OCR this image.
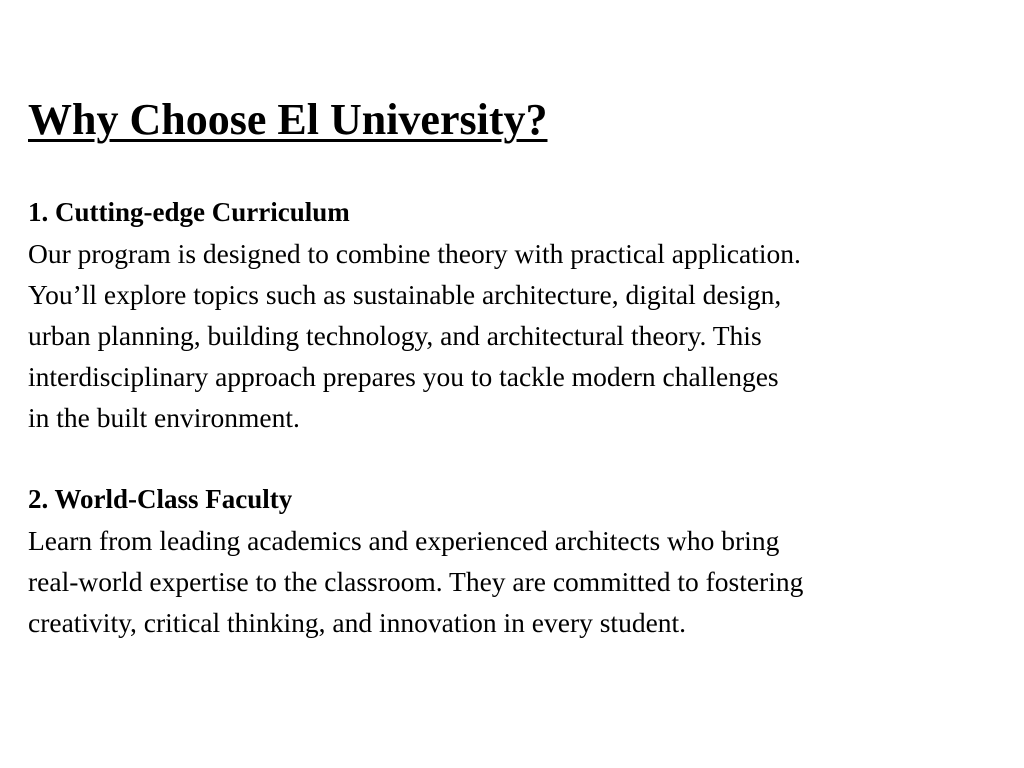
Why Choose El University?
1. Cutting-edge Curriculum
Our program is designed to combine theory with practical application.
You’ll explore topics such as sustainable architecture, digital design,
urban planning, building technology, and architectural theory. This
interdisciplinary approach prepares you to tackle modern challenges
in the built environment.
2. World-Class Faculty
Learn from leading academics and experienced architects who bring
real-world expertise to the classroom. They are committed to fostering
creativity, critical thinking, and innovation in every student.
